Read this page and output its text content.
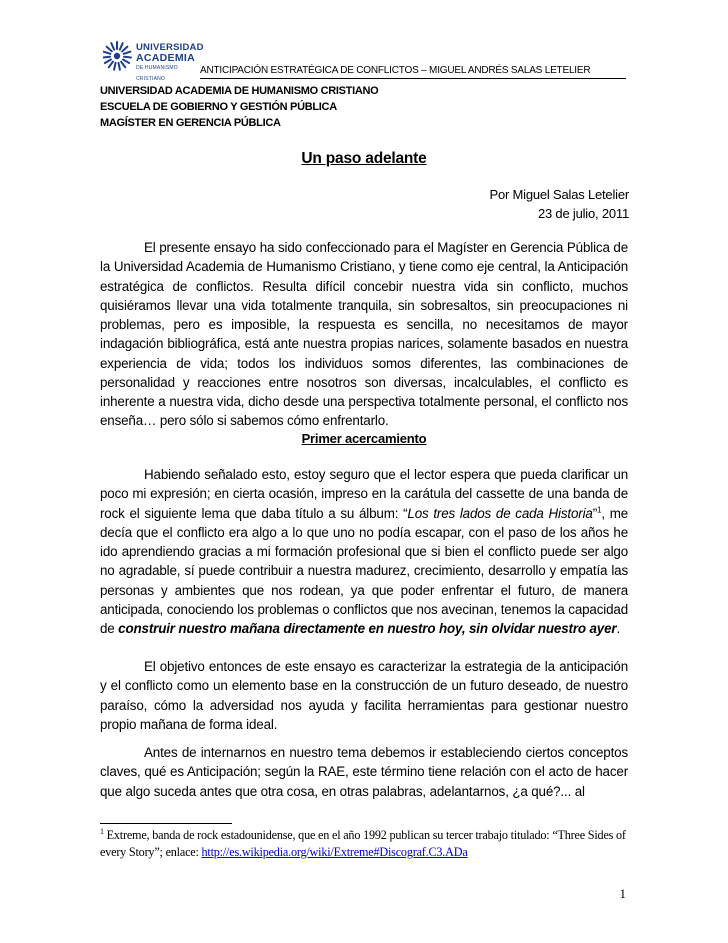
UNIVERSIDAD
ACADEMIA
DE HUMANISMO CRISTIANO
ANTICIPACIÓN ESTRATÉGICA DE CONFLICTOS – MIGUEL ANDRÉS SALAS LETELIER
UNIVERSIDAD ACADEMIA DE HUMANISMO CRISTIANO
ESCUELA DE GOBIERNO Y GESTIÓN PÚBLICA
MAGÍSTER EN GERENCIA PÚBLICA
Un paso adelante
Por Miguel Salas Letelier
23 de julio, 2011

El presente ensayo ha sido confeccionado para el Magíster en Gerencia Pública de la Universidad Academia de Humanismo Cristiano, y tiene como eje central, la Anticipación estratégica de conflictos. Resulta difícil concebir nuestra vida sin conflicto, muchos quisiéramos llevar una vida totalmente tranquila, sin sobresaltos, sin preocupaciones ni problemas, pero es imposible, la respuesta es sencilla, no necesitamos de mayor indagación bibliográfica, está ante nuestra propias narices, solamente basados en nuestra experiencia de vida; todos los individuos somos diferentes, las combinaciones de personalidad y reacciones entre nosotros son diversas, incalculables, el conflicto es inherente a nuestra vida, dicho desde una perspectiva totalmente personal, el conflicto nos enseña… pero sólo si sabemos cómo enfrentarlo.

Primer acercamiento

Habiendo señalado esto, estoy seguro que el lector espera que pueda clarificar un poco mi expresión; en cierta ocasión, impreso en la carátula del cassette de una banda de rock el siguiente lema que daba título a su álbum: “Los tres lados de cada Historia”$^1$, me decía que el conflicto era algo a lo que uno no podía escapar, con el paso de los años he ido aprendiendo gracias a mi formación profesional que si bien el conflicto puede ser algo no agradable, sí puede contribuir a nuestra madurez, crecimiento, desarrollo y empatía las personas y ambientes que nos rodean, ya que poder enfrentar el futuro, de manera anticipada, conociendo los problemas o conflictos que nos avecinan, tenemos la capacidad de construir nuestro mañana directamente en nuestro hoy, sin olvidar nuestro ayer.

El objetivo entonces de este ensayo es caracterizar la estrategia de la anticipación y el conflicto como un elemento base en la construcción de un futuro deseado, de nuestro paraíso, cómo la adversidad nos ayuda y facilita herramientas para gestionar nuestro propio mañana de forma ideal.

Antes de internarnos en nuestro tema debemos ir estableciendo ciertos conceptos claves, qué es Anticipación; según la RAE, este término tiene relación con el acto de hacer que algo suceda antes que otra cosa, en otras palabras, adelantarnos, ¿a qué?... al

$^1$ Extreme, banda de rock estadounidense, que en el año 1992 publican su tercer trabajo titulado: “Three Sides of every Story”; enlace: http://es.wikipedia.org/wiki/Extreme#Discograf.C3.ADa
1
